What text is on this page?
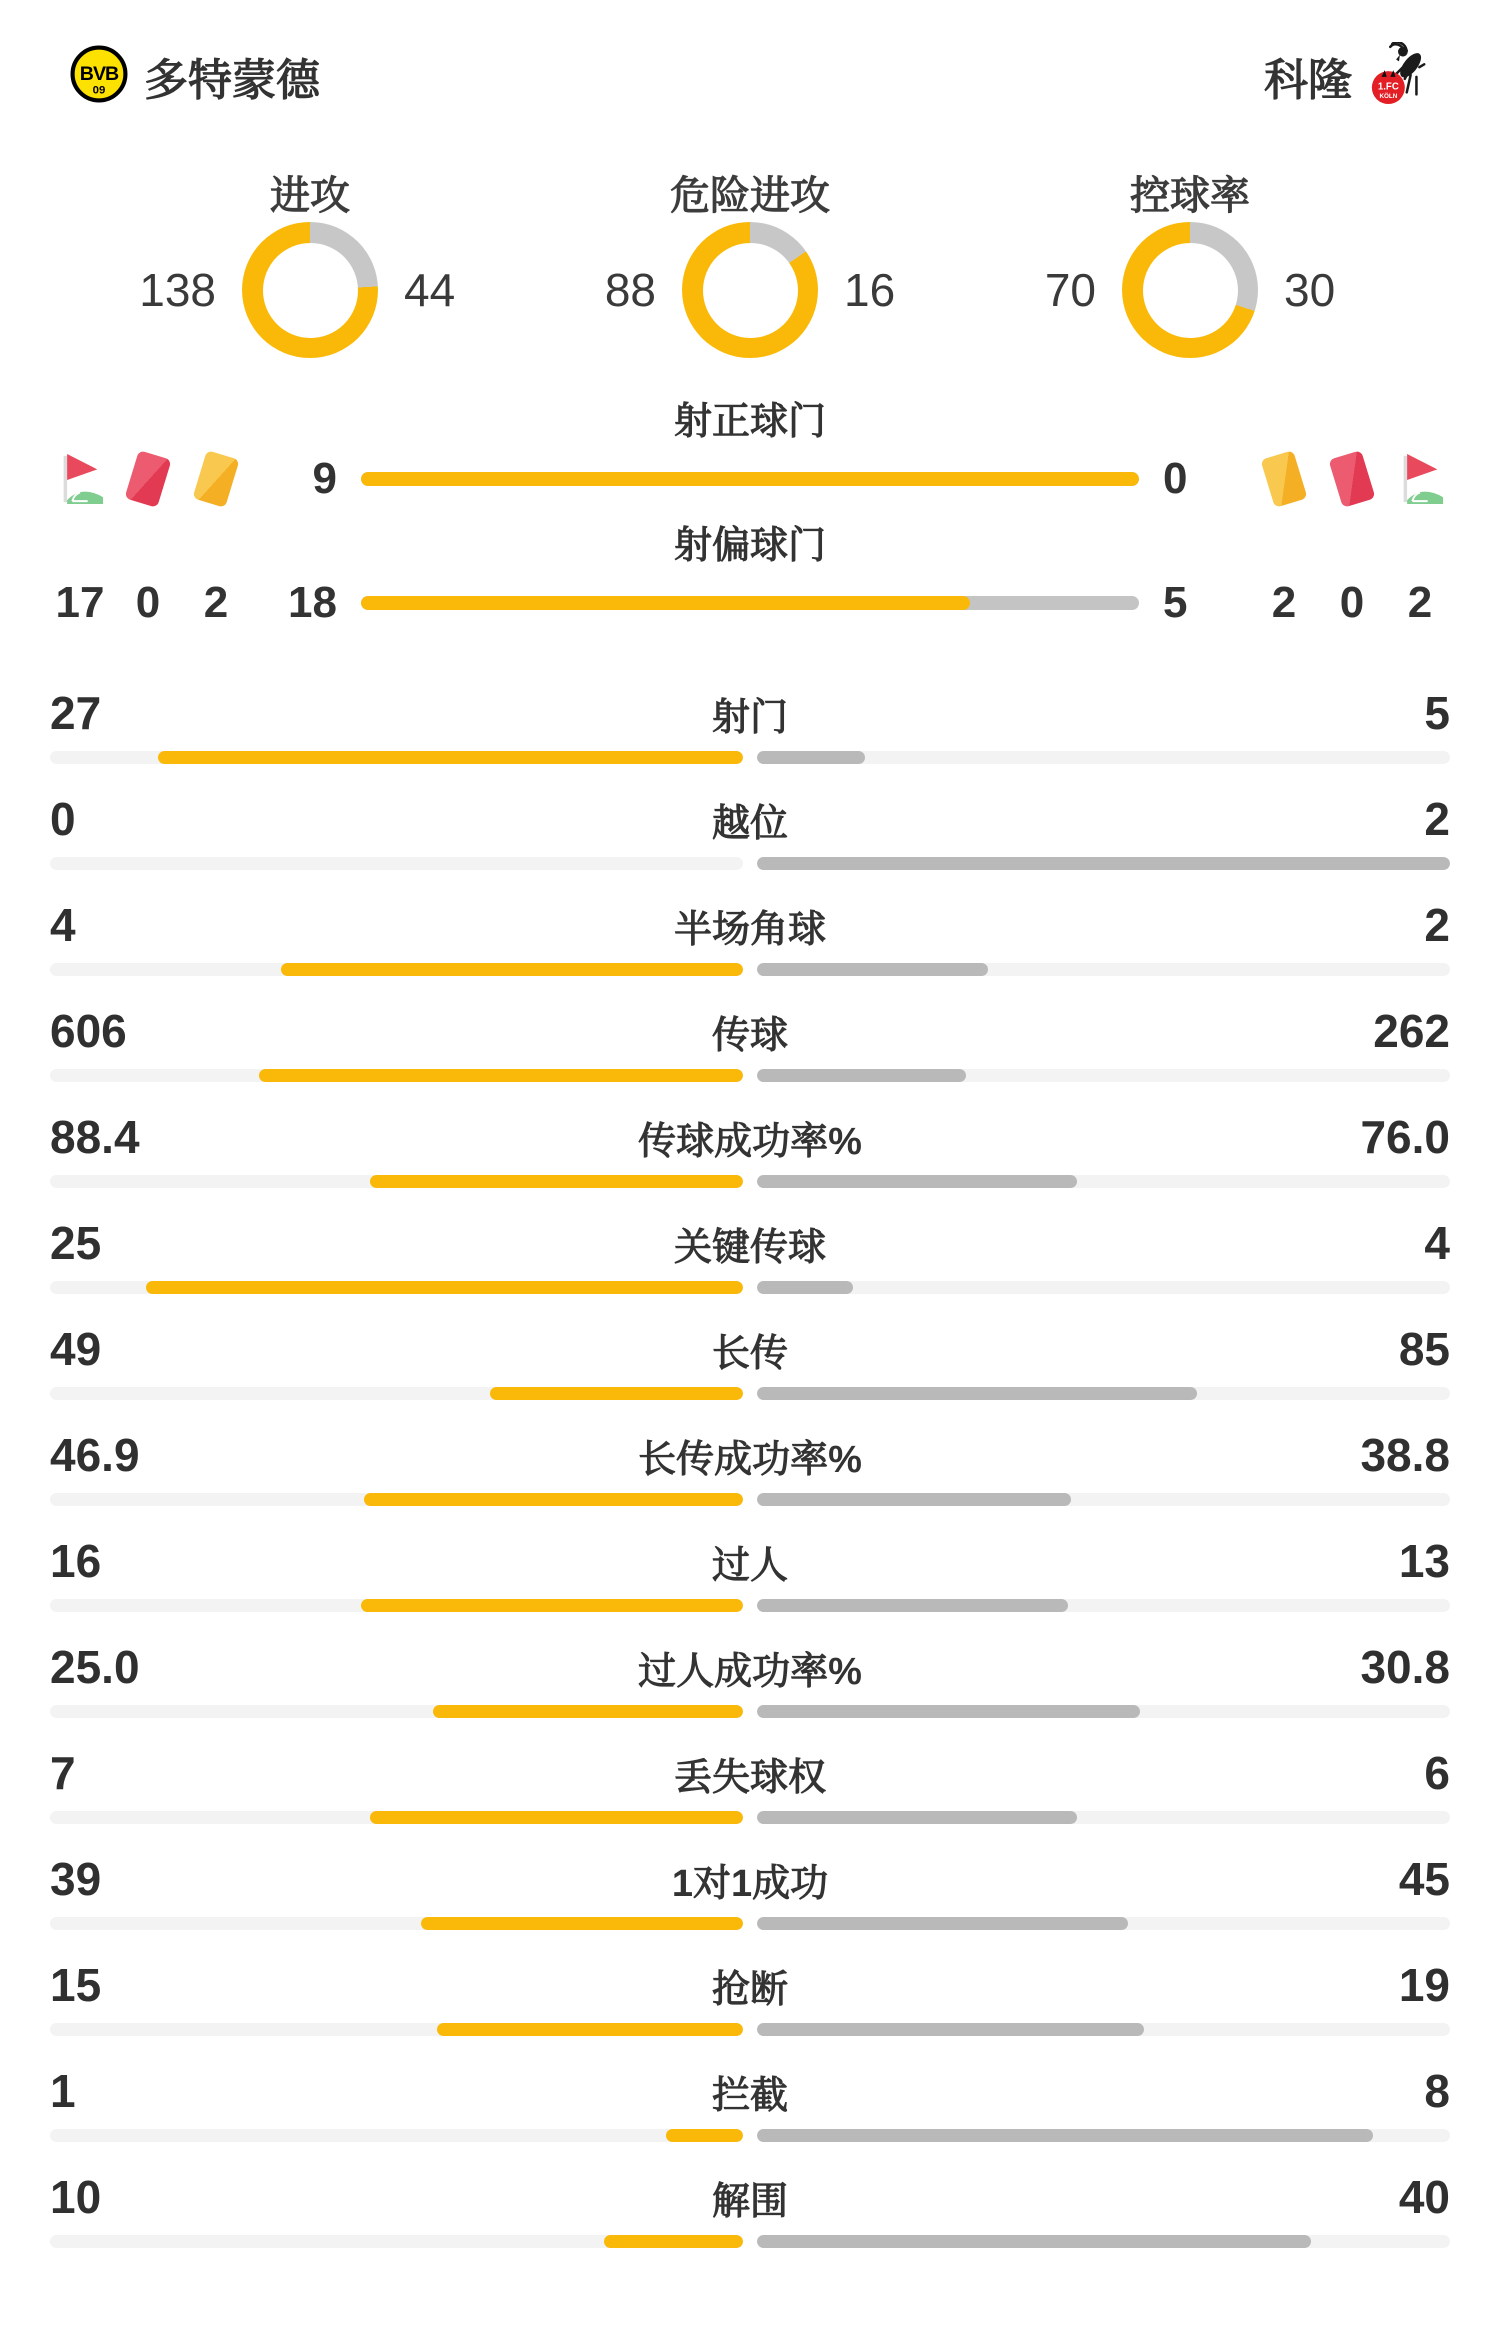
BVB
09 多特蒙德	科隆	1.FC
KÖLN
进攻
138	44
危险进攻
88	16
控球率
70	30
射正球门
9	0
射偏球门
17 0 2	18	5	2 0 2
27	射门	5
0	越位	2
4	半场角球	2
606	传球	262
88.4	传球成功率%	76.0
25	关键传球	4
49	长传	85
46.9	长传成功率%	38.8
16	过人	13
25.0	过人成功率%	30.8
7	丢失球权	6
39	1对1成功	45
15	抢断	19
1	拦截	8
10	解围	40
